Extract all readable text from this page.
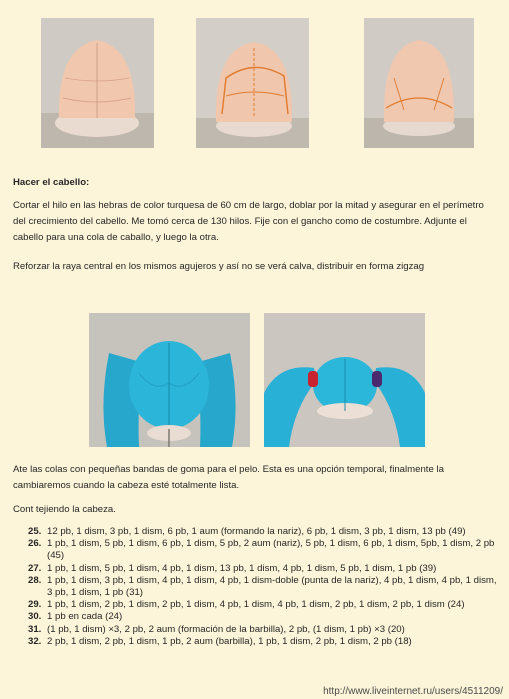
Hacer el cabello:
Cortar el hilo en las hebras de color turquesa de 60 cm de largo, doblar por la mitad y asegurar en el perímetro del crecimiento del cabello. Me tomó cerca de 130 hilos. Fije con el gancho como de costumbre. Adjunte el cabello para una cola de caballo, y luego la otra.
Reforzar la raya central en los mismos agujeros y así no se verá calva, distribuir en forma zigzag
Ate las colas con pequeñas bandas de goma para el pelo. Esta es una opción temporal, finalmente la cambiaremos cuando la cabeza esté totalmente lista.
Cont tejiendo la cabeza.
25. 12 pb, 1 dism, 3 pb, 1 dism, 6 pb, 1 aum (formando la nariz), 6 pb, 1 dism, 3 pb, 1 dism, 13 pb (49)
26. 1 pb, 1 dism, 5 pb, 1 dism, 6 pb, 1 dism, 5 pb, 2 aum (nariz), 5 pb, 1 dism, 6 pb, 1 dism, 5pb, 1 dism, 2 pb (45)
27. 1 pb, 1 dism, 5 pb, 1 dism, 4 pb, 1 dism, 13 pb, 1 dism, 4 pb, 1 dism, 5 pb, 1 dism, 1 pb (39)
28. 1 pb, 1 dism, 3 pb, 1 dism, 4 pb, 1 dism, 4 pb, 1 dism-doble (punta de la nariz), 4 pb, 1 dism, 4 pb, 1 dism, 3 pb, 1 dism, 1 pb (31)
29. 1 pb, 1 dism, 2 pb, 1 dism, 2 pb, 1 dism, 4 pb, 1 dism, 4 pb, 1 dism, 2 pb, 1 dism, 2 pb, 1 dism (24)
30. 1 pb en cada (24)
31. (1 pb, 1 dism) ×3, 2 pb, 2 aum (formación de la barbilla), 2 pb, (1 dism, 1 pb) ×3 (20)
32. 2 pb, 1 dism, 2 pb, 1 dism, 1 pb, 2 aum (barbilla), 1 pb, 1 dism, 2 pb, 1 dism, 2 pb (18)
http://www.liveinternet.ru/users/4511209/
